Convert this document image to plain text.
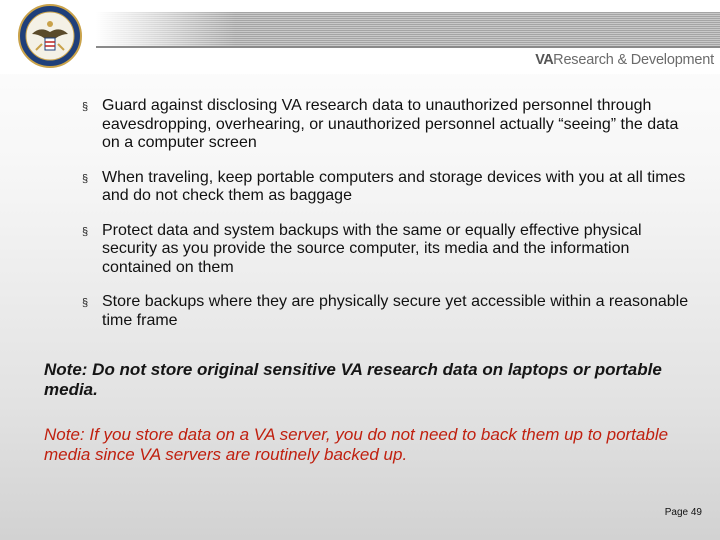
VAResearch & Development
§ Guard against disclosing VA research data to unauthorized personnel through eavesdropping, overhearing, or unauthorized personnel actually “seeing” the data on a computer screen
§ When traveling, keep portable computers and storage devices with you at all times and do not check them as baggage
§ Protect data and system backups with the same or equally effective physical security as you provide the source computer, its media and the information contained on them
§ Store backups where they are physically secure yet accessible within a reasonable time frame
Note: Do not store original sensitive VA research data on laptops or portable media.
Note: If you store data on a VA server, you do not need to back them up to portable media since VA servers are routinely backed up.
Page 49
